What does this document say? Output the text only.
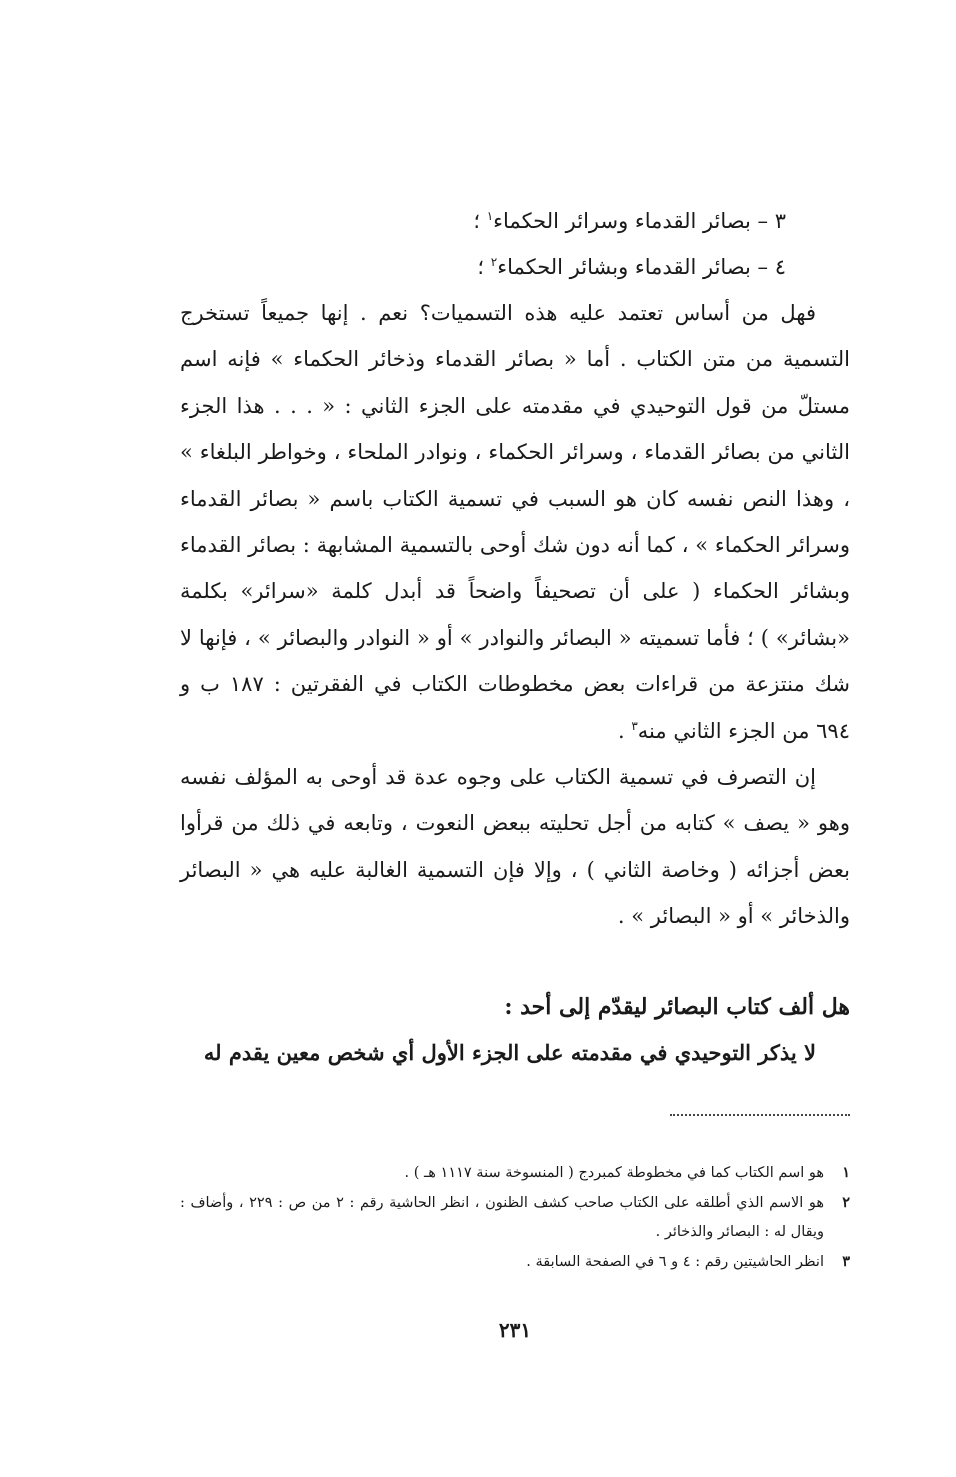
٣ – بصائر القدماء وسرائر الحكماء$^١$ ؛

٤ – بصائر القدماء وبشائر الحكماء$^٢$ ؛

فهل من أساس تعتمد عليه هذه التسميات؟ نعم . إنها جميعاً تستخرج التسمية من متن الكتاب . أما « بصائر القدماء وذخائر الحكماء » فإنه اسم مستلّ من قول التوحيدي في مقدمته على الجزء الثاني : « . . . هذا الجزء الثاني من بصائر القدماء ، وسرائر الحكماء ، ونوادر الملحاء ، وخواطر البلغاء » ، وهذا النص نفسه كان هو السبب في تسمية الكتاب باسم « بصائر القدماء وسرائر الحكماء » ، كما أنه دون شك أوحى بالتسمية المشابهة : بصائر القدماء وبشائر الحكماء ( على أن تصحيفاً واضحاً قد أبدل كلمة «سرائر» بكلمة «بشائر» ) ؛ فأما تسميته « البصائر والنوادر » أو « النوادر والبصائر » ، فإنها لا شك منتزعة من قراءات بعض مخطوطات الكتاب في الفقرتين : ١٨٧ ب و ٦٩٤ من الجزء الثاني منه$^٣$ .

إن التصرف في تسمية الكتاب على وجوه عدة قد أوحى به المؤلف نفسه وهو « يصف » كتابه من أجل تحليته ببعض النعوت ، وتابعه في ذلك من قرأوا بعض أجزائه ( وخاصة الثاني ) ، وإلا فإن التسمية الغالبة عليه هي « البصائر والذخائر » أو « البصائر » .

هل ألف كتاب البصائر ليقدّم إلى أحد :

لا يذكر التوحيدي في مقدمته على الجزء الأول أي شخص معين يقدم له

١هو اسم الكتاب كما في مخطوطة كمبردج ( المنسوخة سنة ١١١٧ هـ ) .

٢هو الاسم الذي أطلقه على الكتاب صاحب كشف الظنون ، انظر الحاشية رقم : ٢ من ص : ٢٢٩ ، وأضاف : ويقال له : البصائر والذخائر .

٣انظر الحاشيتين رقم : ٤ و ٦ في الصفحة السابقة .

٢٣١
